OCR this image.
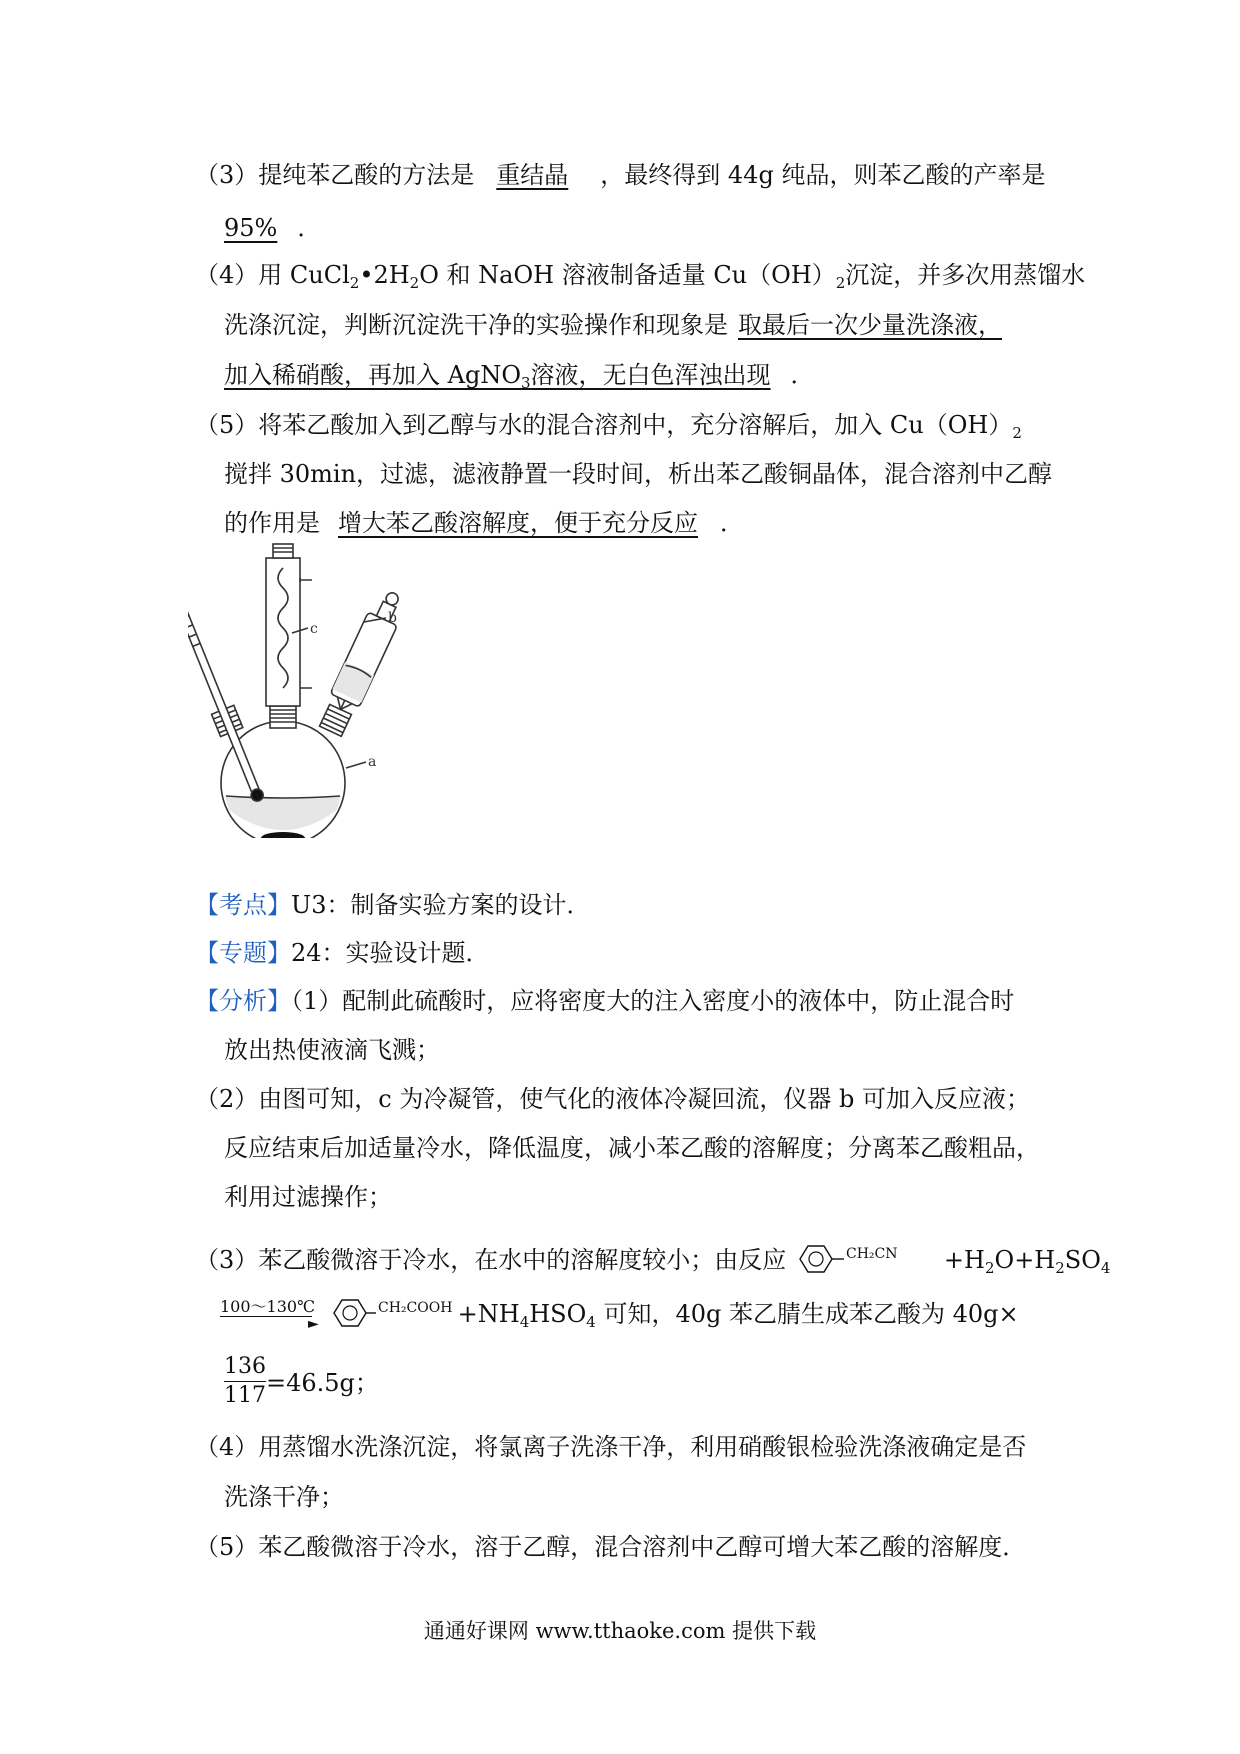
（3）提纯苯乙酸的方法是 重结晶 ，最终得到 44g 纯品，则苯乙酸的产率是
95% ．
（4）用 $CuCl_2•2H_2O$ 和 NaOH 溶液制备适量 $Cu(OH)_2$沉淀，并多次用蒸馏水
洗涤沉淀，判断沉淀洗干净的实验操作和现象是 取最后一次少量洗涤液，
加入稀硝酸，再加入 AgNO$_3$溶液，无白色浑浊出现 ．
（5）将苯乙酸加入到乙醇与水的混合溶剂中，充分溶解后，加入 $Cu(OH)_2$
搅拌 30min，过滤，滤液静置一段时间，析出苯乙酸铜晶体，混合溶剂中乙醇
的作用是 增大苯乙酸溶解度，便于充分反应 ．
c
b
a
【考点】U3：制备实验方案的设计．
【专题】24：实验设计题．
【分析】（1）配制此硫酸时，应将密度大的注入密度小的液体中，防止混合时
放出热使液滴飞溅；
（2）由图可知，c 为冷凝管，使气化的液体冷凝回流，仪器 b 可加入反应液；
反应结束后加适量冷水，降低温度，减小苯乙酸的溶解度；分离苯乙酸粗品，
利用过滤操作；
（3）苯乙酸微溶于冷水，在水中的溶解度较小；由反应	$CH_2CN +H_2O+H_2SO_4$
100～130℃
►

CH₂COOH $+NH_4HSO_4$ 可知，40g 苯乙腈生成苯乙酸为 40g×
136
117 =46.5g；
（4）用蒸馏水洗涤沉淀，将氯离子洗涤干净，利用硝酸银检验洗涤液确定是否
洗涤干净；
（5）苯乙酸微溶于冷水，溶于乙醇，混合溶剂中乙醇可增大苯乙酸的溶解度．
通通好课网 www.tthaoke.com 提供下载
